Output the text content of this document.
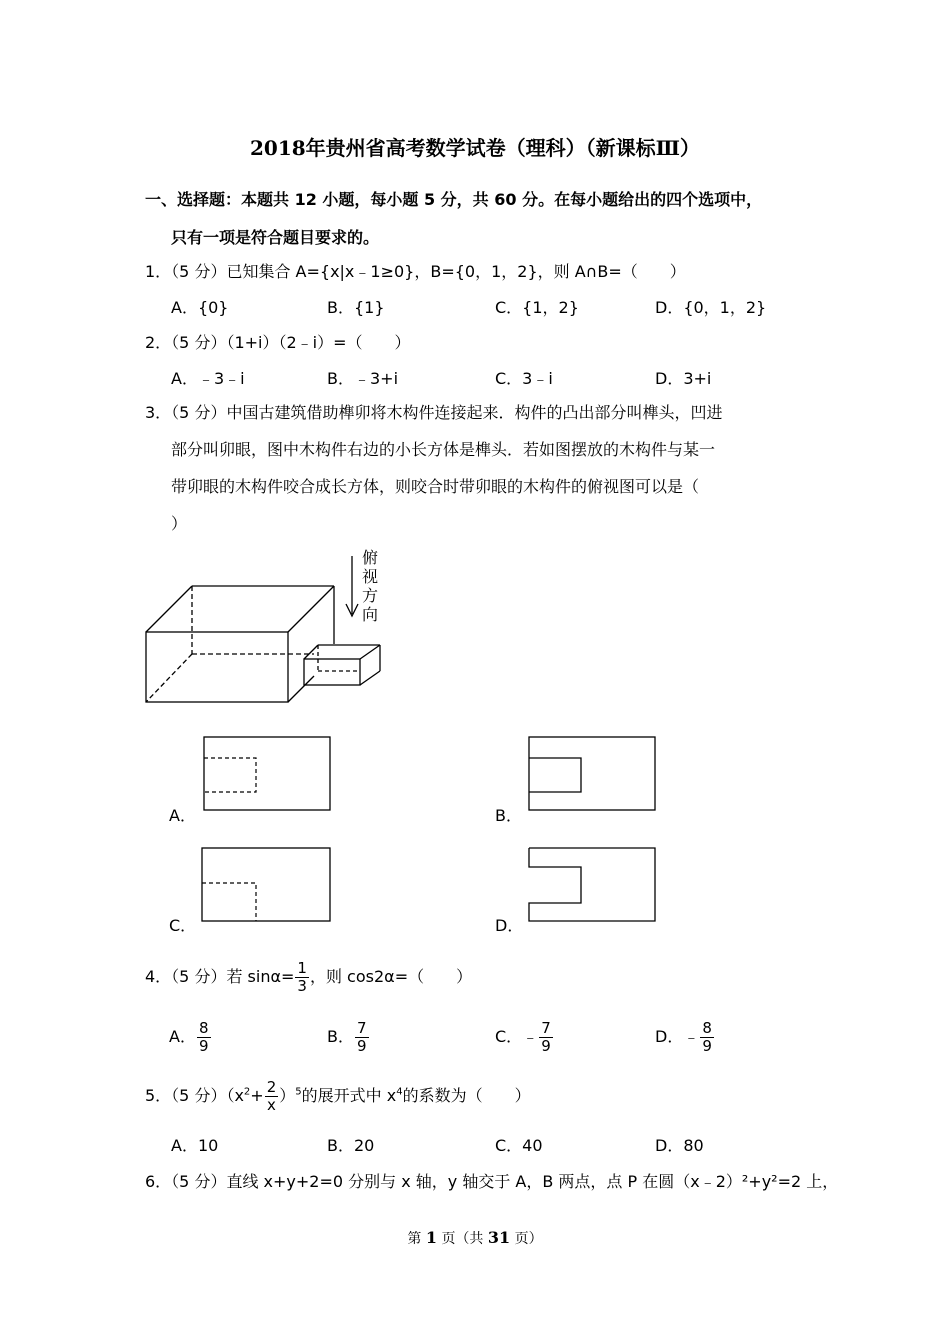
2018年贵州省高考数学试卷（理科）（新课标Ⅲ）
一、选择题：本题共 12 小题，每小题 5 分，共 60 分。在每小题给出的四个选项中，
只有一项是符合题目要求的。
1．（5 分）已知集合 A={x|x﹣1≥0}，B={0，1，2}，则 A∩B=（　　）
A．{0}	B．{1}	C．{1，2}	D．{0，1，2}
2．（5 分）（1+i）（2﹣i）=（　　）
A．﹣3﹣i	B．﹣3+i	C．3﹣i	D．3+i
3．（5 分）中国古建筑借助榫卯将木构件连接起来．构件的凸出部分叫榫头，凹进
部分叫卯眼，图中木构件右边的小长方体是榫头．若如图摆放的木构件与某一
带卯眼的木构件咬合成长方体，则咬合时带卯眼的木构件的俯视图可以是（
）
俯
视
方
向
A．	B．
C．	D．
4．（5 分）若 $\sin\alpha= \frac{1}{3}$ ，则 cos2α=（　　）
A． $\frac{8}{9}$	B． $\frac{7}{9}$	C．﹣ $\frac{7}{9}$	D．﹣ $\frac{8}{9}$
5．（5 分）$(x^2+ \frac{2}{x} )^5$的展开式中 $x^4$的系数为（　　）
A．10	B．20	C．40	D．80
6．（5 分）直线 x+y+2=0 分别与 x 轴，y 轴交于 A，B 两点，点 P 在圆（x﹣2）²+y²=2 上，
第 1 页（共 31 页）
